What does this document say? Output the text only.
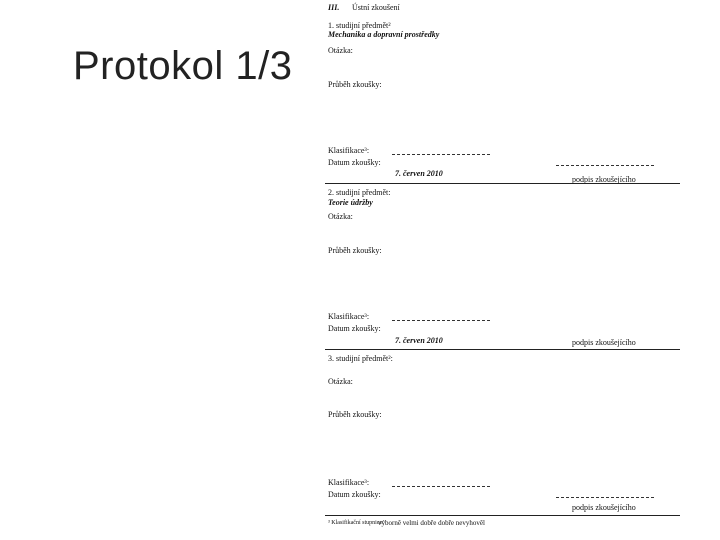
Protokol 1/3
III. Ústní zkoušení
1. studijní předmět²
Mechanika a dopravní prostředky
Otázka:
Průběh zkoušky:
Klasifikace³:
Datum zkoušky:
7. červen 2010
podpis zkoušejícího
2. studijní předmět:
Teorie údržby
Otázka:
Průběh zkoušky:
Klasifikace³:
Datum zkoušky:
7. červen 2010	podpis zkoušejícího
3. studijní předmět²:
Otázka:
Průběh zkoušky:
Klasifikace³:
Datum zkoušky:
podpis zkoušejícího
³ Klasifikační stupnice:
výborně velmi dobře dobře nevyhověl
